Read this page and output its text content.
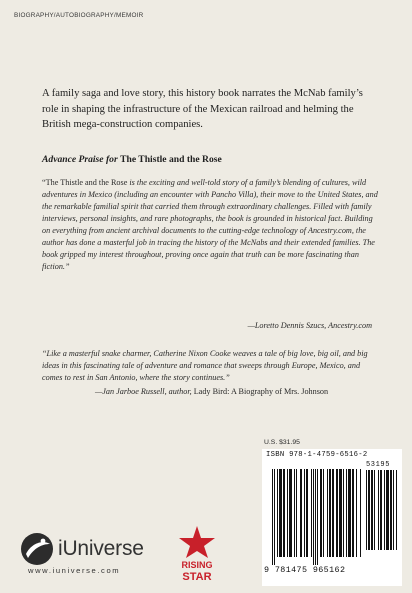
BIOGRAPHY/AUTOBIOGRAPHY/MEMOIR
A family saga and love story, this history book narrates the McNab family’s role in shaping the infrastructure of the Mexican railroad and helming the British mega-construction companies.
Advance Praise for The Thistle and the Rose
“The Thistle and the Rose is the exciting and well-told story of a family’s blending of cultures, wild adventures in Mexico (including an encounter with Pancho Villa), their move to the United States, and the remarkable familial spirit that carried them through extraordinary challenges. Filled with family interviews, personal insights, and rare photographs, the book is grounded in historical fact. Building on everything from ancient archival documents to the cutting-edge technology of Ancestry.com, the author has done a masterful job in tracing the history of the McNabs and their extended families. The book gripped my interest throughout, proving once again that truth can be more fascinating than fiction.”
—Loretto Dennis Szucs, Ancestry.com
“Like a masterful snake charmer, Catherine Nixon Cooke weaves a tale of big love, big oil, and big ideas in this fascinating tale of adventure and romance that sweeps through Europe, Mexico, and comes to rest in San Antonio, where the story continues.”
—Jan Jarboe Russell, author, Lady Bird: A Biography of Mrs. Johnson
U.S. $31.95
ISBN 978-1-4759-6516-2
53195
9 781475 965162
iUniverse
www.iuniverse.com
RISING
STAR
